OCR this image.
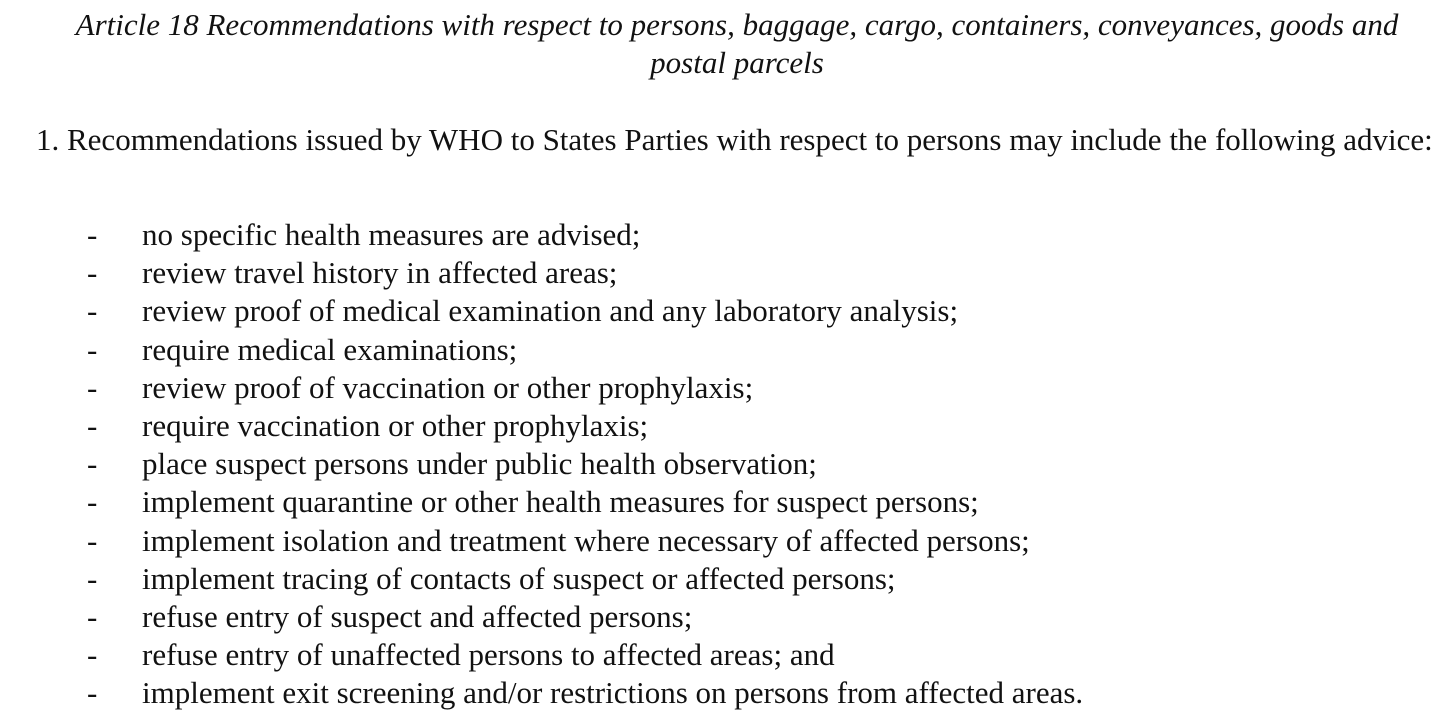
Article 18 Recommendations with respect to persons, baggage, cargo, containers, conveyances, goods and postal parcels

1. Recommendations issued by WHO to States Parties with respect to persons may include the following advice:

- no specific health measures are advised;
- review travel history in affected areas;
- review proof of medical examination and any laboratory analysis;
- require medical examinations;
- review proof of vaccination or other prophylaxis;
- require vaccination or other prophylaxis;
- place suspect persons under public health observation;
- implement quarantine or other health measures for suspect persons;
- implement isolation and treatment where necessary of affected persons;
- implement tracing of contacts of suspect or affected persons;
- refuse entry of suspect and affected persons;
- refuse entry of unaffected persons to affected areas; and
- implement exit screening and/or restrictions on persons from affected areas.
